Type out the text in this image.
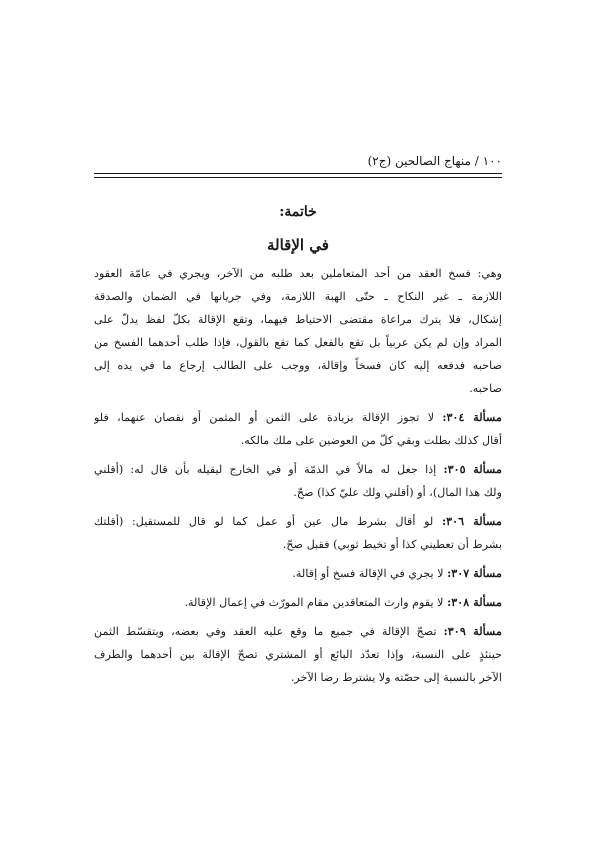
١٠٠ / منهاج الصالحين (ج٢)
خاتمة:
في الإقالة
وهي: فسخ العقد من أحد المتعاملين بعد طلبه من الآخر، ويجري في عامّة العقود
اللازمة ـ غير النكاح ـ حتّى الهبة اللازمة، وفي جريانها في الضمان والصدقة
إشكال، فلا يترك مراعاة مقتضى الاحتياط فيهما، وتقع الإقالة بكلّ لفظ يدلّ على
المراد وإن لم يكن عربياً بل تقع بالفعل كما تقع بالقول، فإذا طلب أحدهما الفسخ من
صاحبه فدفعه إليه كان فسخاً وإقالة، ووجب على الطالب إرجاع ما في يده إلى
صاحبه.
مسألة ٣٠٤: لا تجوز الإقالة بزيادة على الثمن أو المثمن أو نقصان عنهما، فلو
أقال كذلك بطلت وبقي كلّ من العوضين على ملك مالكه.
مسألة ٣٠٥: إذا جعل له مالاً في الذمّة أو في الخارج ليقيله بأن قال له: (أقلني
ولك هذا المال)، أو (أقلني ولك عليّ كذا) صحّ.
مسألة ٣٠٦: لو أقال بشرط مال عين أو عمل كما لو قال للمستقيل: (أقلتك
بشرط أن تعطيني كذا أو تخيط ثوبي) فقبل صحّ.
مسألة ٣٠٧: لا يجري في الإقالة فسخ أو إقالة.
مسألة ٣٠٨: لا يقوم وارث المتعاقدين مقام المورّث في إعمال الإقالة.
مسألة ٣٠٩: تصحّ الإقالة في جميع ما وقع عليه العقد وفي بعضه، ويتقسّط الثمن
حينئذٍ على النسبة، وإذا تعدّد البائع أو المشتري تصحّ الإقالة بين أحدهما والطرف
الآخر بالنسبة إلى حصّته ولا يشترط رضا الآخر.
